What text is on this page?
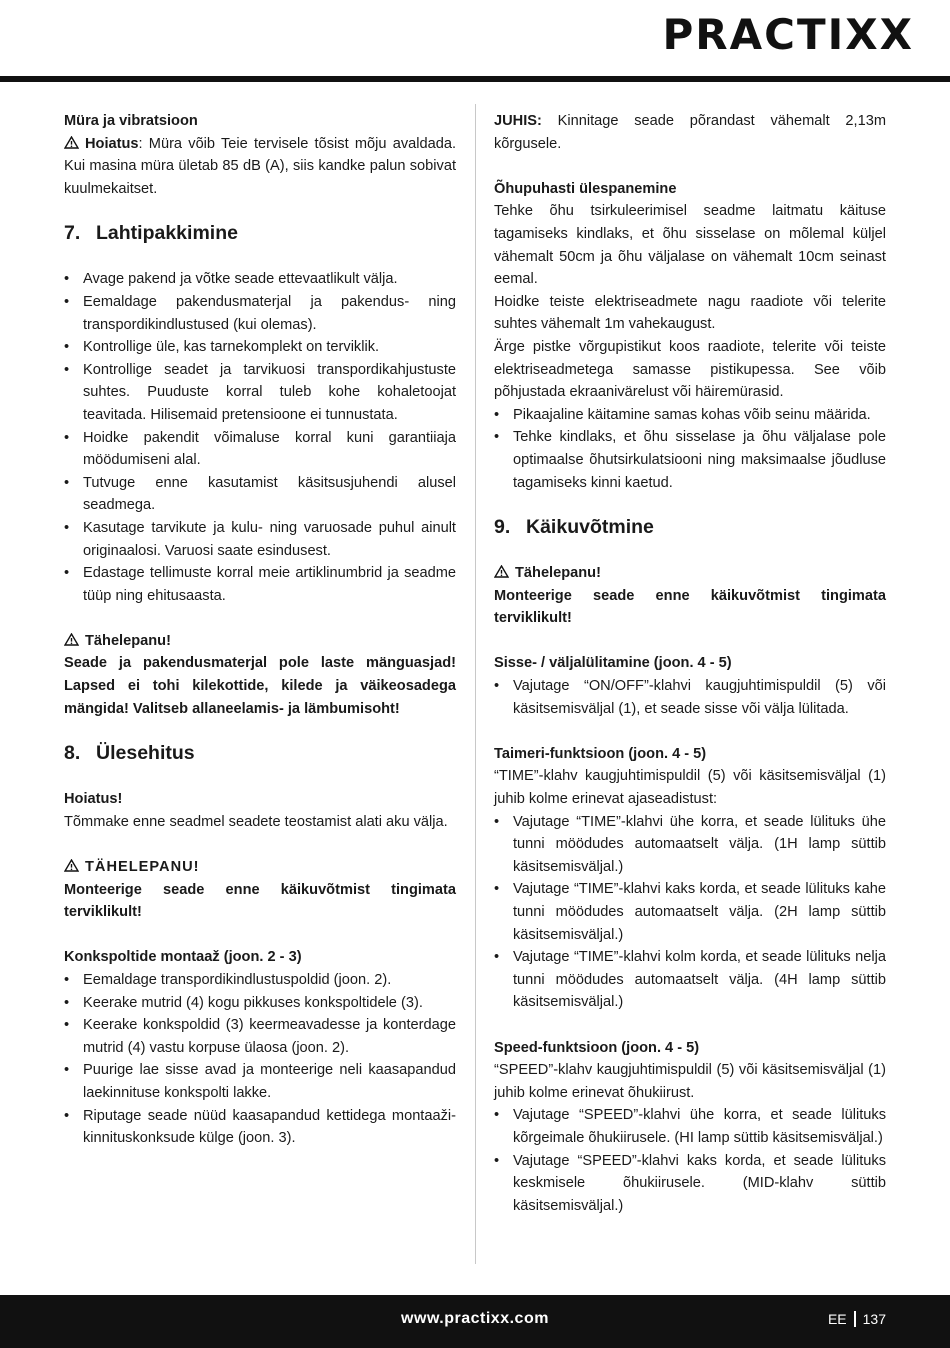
PRACTIXX

Müra ja vibratsioon

Hoiatus: Müra võib Teie tervisele tõsist mõju avaldada. Kui masina müra ületab 85 dB (A), siis kandke palun sobivat kuulmekaitset.

7. Lahtipakkimine
• Avage pakend ja võtke seade ettevaatlikult välja.
• Eemaldage pakendusmaterjal ja pakendus- ning transpordikindlustused (kui olemas).
• Kontrollige üle, kas tarnekomplekt on terviklik.
• Kontrollige seadet ja tarvikuosi transpordikahjustuste suhtes. Puuduste korral tuleb kohe kohaletoojat teavitada. Hilisemaid pretensioone ei tunnustata.
• Hoidke pakendit võimaluse korral kuni garantiiaja möödumiseni alal.
• Tutvuge enne kasutamist käsitsusjuhendi alusel seadmega.
• Kasutage tarvikute ja kulu- ning varuosade puhul ainult originaalosi. Varuosi saate esindusest.
• Edastage tellimuste korral meie artiklinumbrid ja seadme tüüp ning ehitusaasta.

Tähelepanu!

Seade ja pakendusmaterjal pole laste mänguasjad! Lapsed ei tohi kilekottide, kilede ja väikeosadega mängida! Valitseb allaneelamis- ja lämbumisoht!

8. Ülesehitus

Hoiatus!

Tõmmake enne seadmel seadete teostamist alati aku välja.

TÄHELEPANU!

Monteerige seade enne käikuvõtmist tingimata terviklikult!

Konkspoltide montaaž (joon. 2 - 3)

• Eemaldage transpordikindlustuspoldid (joon. 2).
• Keerake mutrid (4) kogu pikkuses konkspoltidele (3).
• Keerake konkspoldid (3) keermeavadesse ja konterdage mutrid (4) vastu korpuse ülaosa (joon. 2).
• Puurige lae sisse avad ja monteerige neli kaasapandud laekinnituse konkspolti lakke.
• Riputage seade nüüd kaasapandud kettidega montaaži-kinnituskonksude külge (joon. 3).

JUHIS: Kinnitage seade põrandast vähemalt 2,13m kõrgusele.

Õhupuhasti ülespanemine

Tehke õhu tsirkuleerimisel seadme laitmatu käituse tagamiseks kindlaks, et õhu sisselase on mõlemal küljel vähemalt 50cm ja õhu väljalase on vähemalt 10cm seinast eemal.

Hoidke teiste elektriseadmete nagu raadiote või telerite suhtes vähemalt 1m vahekaugust.

Ärge pistke võrgupistikut koos raadiote, telerite või teiste elektriseadmetega samasse pistikupessa. See võib põhjustada ekraanivärelust või häiremürasid.

• Pikaajaline käitamine samas kohas võib seinu määrida.
• Tehke kindlaks, et õhu sisselase ja õhu väljalase pole optimaalse õhutsirkulatsiooni ning maksimaalse jõudluse tagamiseks kinni kaetud.
9. Käikuvõtmine

Tähelepanu!

Monteerige seade enne käikuvõtmist tingimata terviklikult!

Sisse- / väljalülitamine (joon. 4 - 5)

• Vajutage “ON/OFF”-klahvi kaugjuhtimispuldil (5) või käsitsemisväljal (1), et seade sisse või välja lülitada.

Taimeri-funktsioon (joon. 4 - 5)

“TIME”-klahv kaugjuhtimispuldil (5) või käsitsemisväljal (1) juhib kolme erinevat ajaseadistust:

• Vajutage “TIME”-klahvi ühe korra, et seade lülituks ühe tunni möödudes automaatselt välja. (1H lamp süttib käsitsemisväljal.)
• Vajutage “TIME”-klahvi kaks korda, et seade lülituks kahe tunni möödudes automaatselt välja. (2H lamp süttib käsitsemisväljal.)
• Vajutage “TIME”-klahvi kolm korda, et seade lülituks nelja tunni möödudes automaatselt välja. (4H lamp süttib käsitsemisväljal.)

Speed-funktsioon (joon. 4 - 5)

“SPEED”-klahv kaugjuhtimispuldil (5) või käsitsemisväljal (1) juhib kolme erinevat õhukiirust.

• Vajutage “SPEED”-klahvi ühe korra, et seade lülituks kõrgeimale õhukiirusele. (HI lamp süttib käsitsemisväljal.)
• Vajutage “SPEED”-klahvi kaks korda, et seade lülituks keskmisele õhukiirusele. (MID-klahv süttib käsitsemisväljal.)
www.practixx.com	EE 137
